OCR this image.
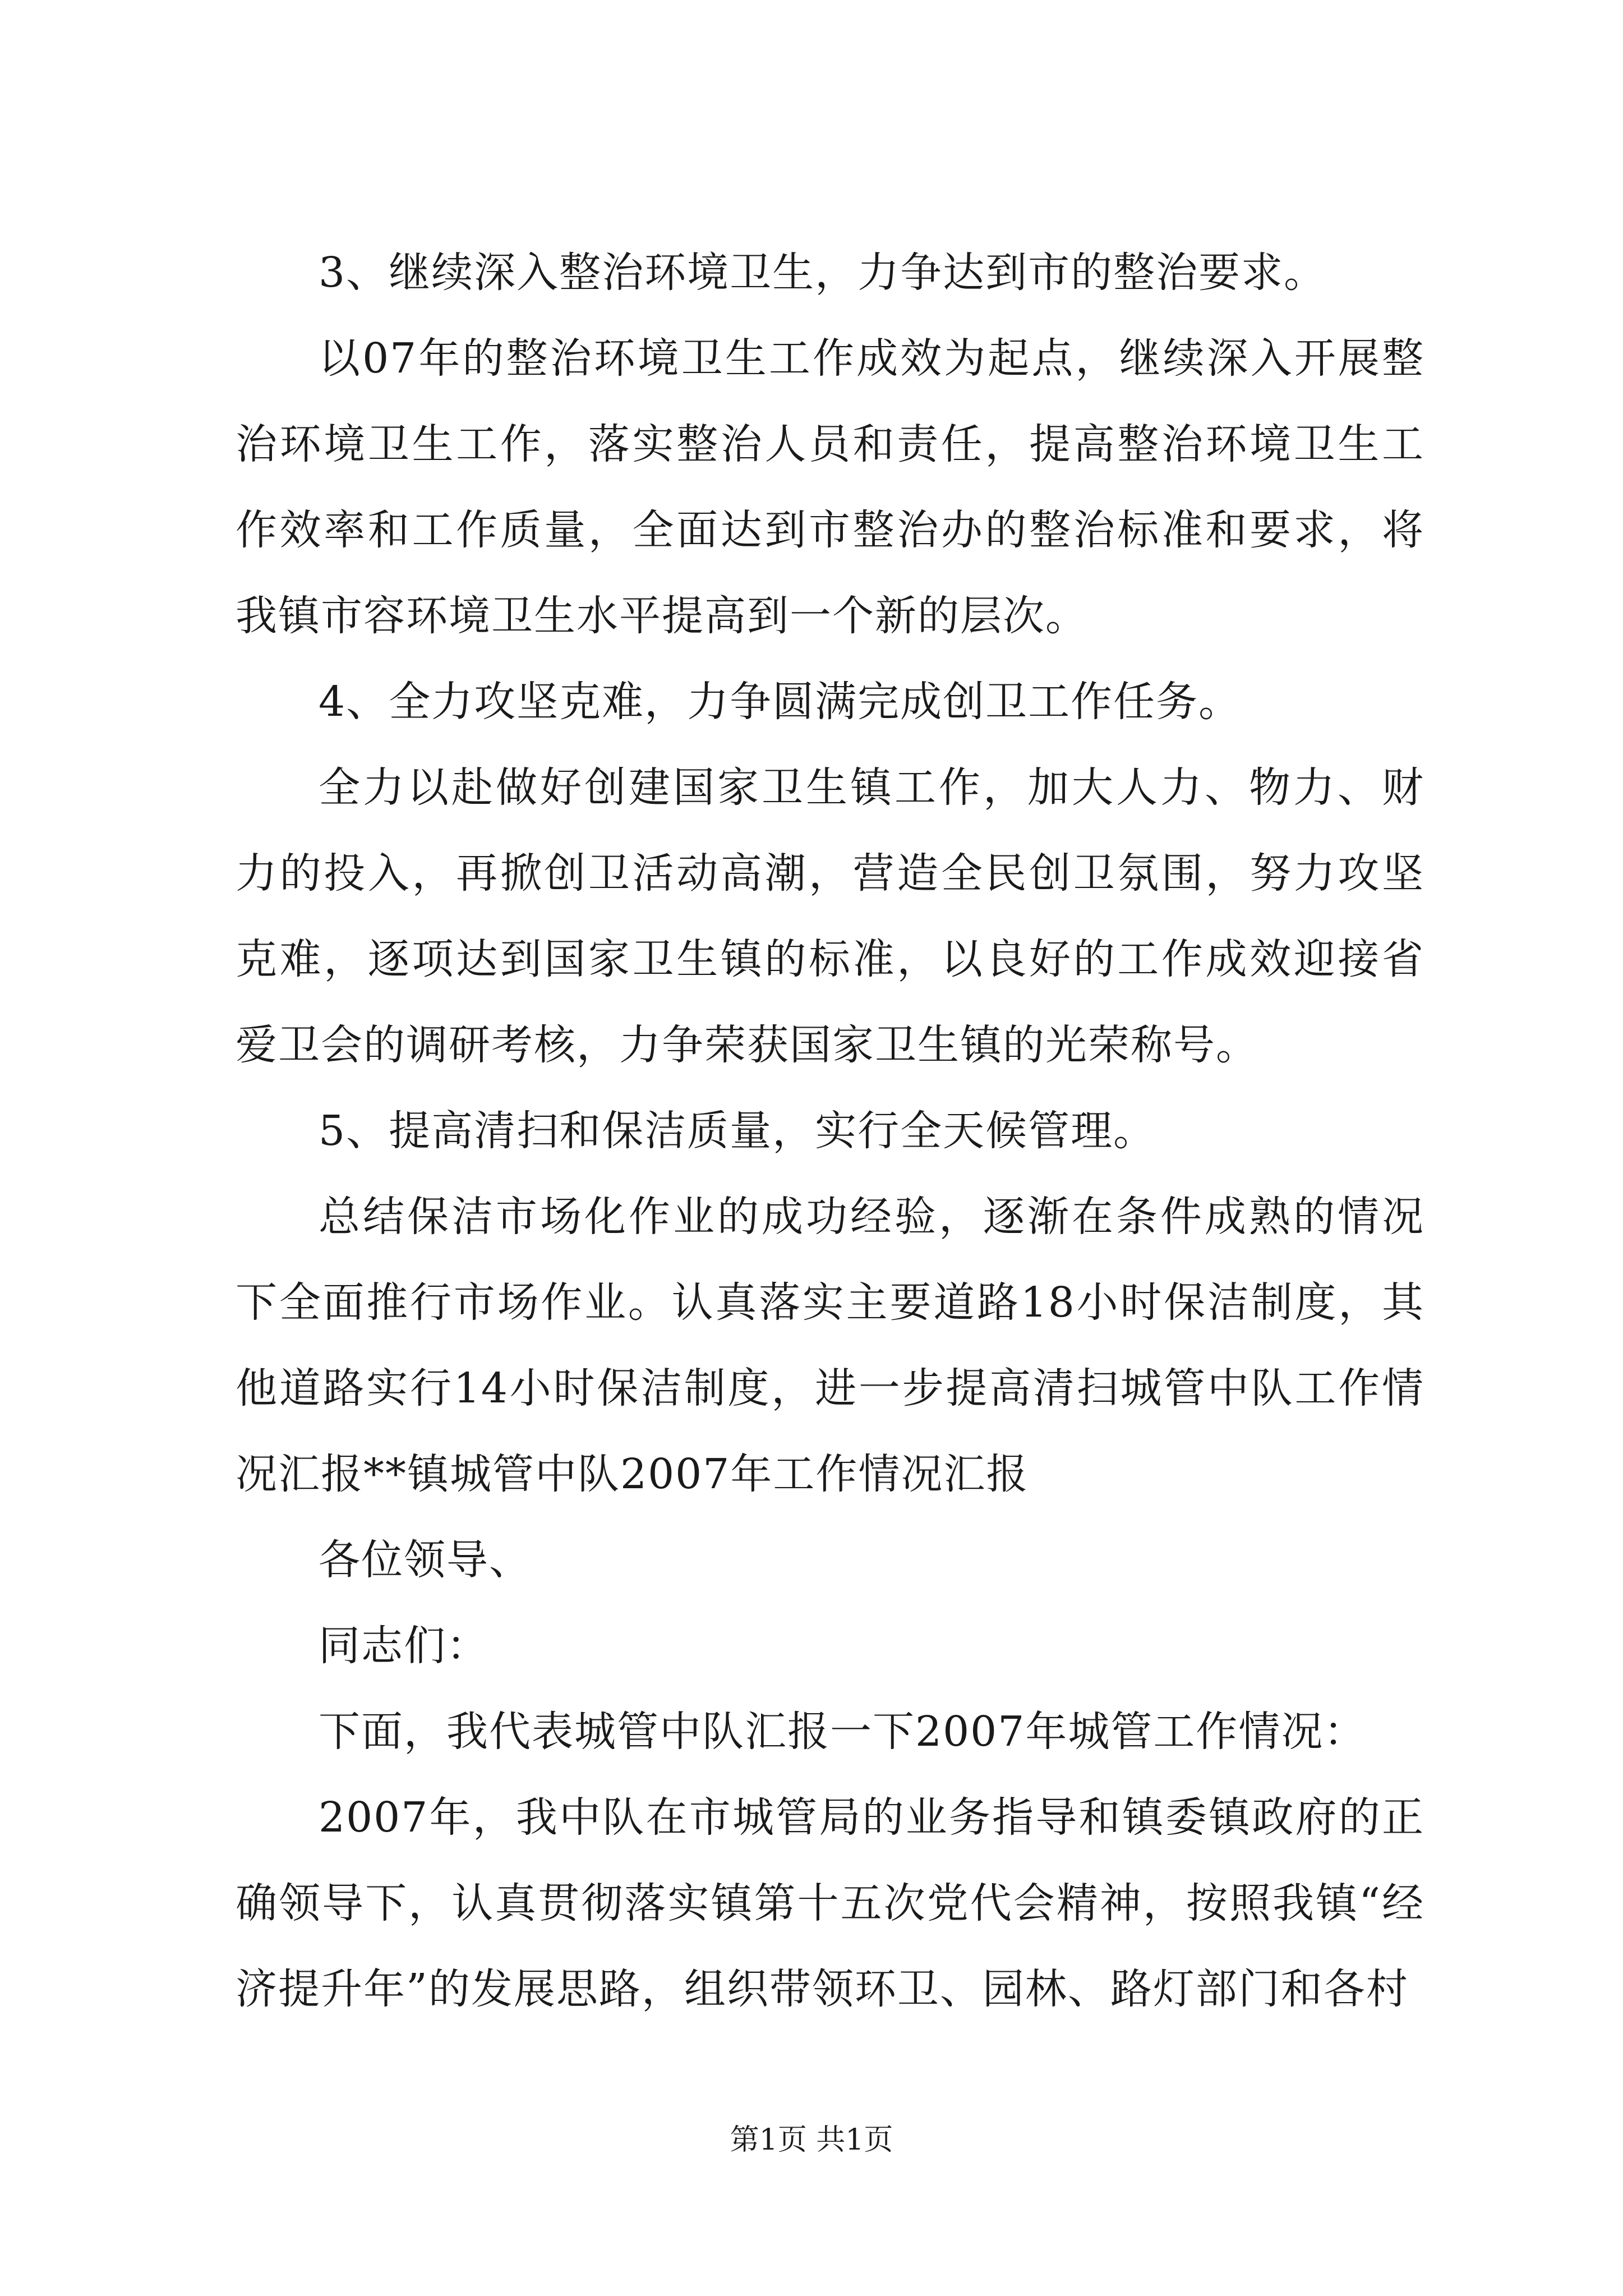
3、继续深入整治环境卫生，力争达到市的整治要求。

以07年的整治环境卫生工作成效为起点，继续深入开展整治环境卫生工作，落实整治人员和责任，提高整治环境卫生工作效率和工作质量，全面达到市整治办的整治标准和要求，将我镇市容环境卫生水平提高到一个新的层次。

4、全力攻坚克难，力争圆满完成创卫工作任务。

全力以赴做好创建国家卫生镇工作，加大人力、物力、财力的投入，再掀创卫活动高潮，营造全民创卫氛围，努力攻坚克难，逐项达到国家卫生镇的标准，以良好的工作成效迎接省爱卫会的调研考核，力争荣获国家卫生镇的光荣称号。

5、提高清扫和保洁质量，实行全天候管理。

总结保洁市场化作业的成功经验，逐渐在条件成熟的情况下全面推行市场作业。认真落实主要道路18小时保洁制度，其他道路实行14小时保洁制度，进一步提高清扫城管中队工作情况汇报**镇城管中队2007年工作情况汇报

各位领导、

同志们：

下面，我代表城管中队汇报一下2007年城管工作情况：

2007年，我中队在市城管局的业务指导和镇委镇政府的正确领导下，认真贯彻落实镇第十五次党代会精神，按照我镇“经济提升年”的发展思路，组织带领环卫、园林、路灯部门和各村

第1页 共1页
